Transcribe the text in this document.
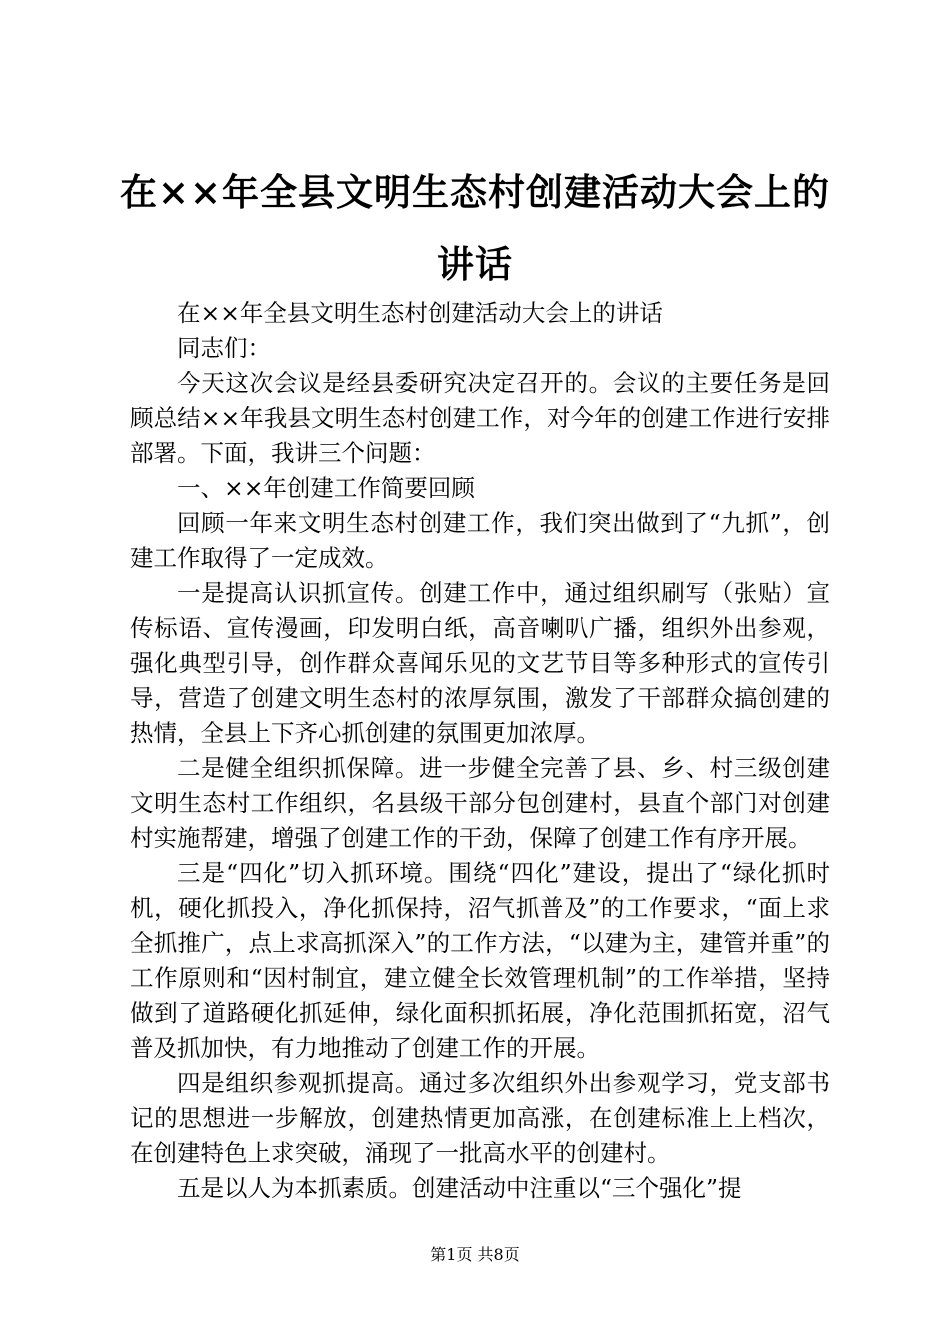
在××年全县文明生态村创建活动大会上的讲话

在××年全县文明生态村创建活动大会上的讲话

同志们：

今天这次会议是经县委研究决定召开的。会议的主要任务是回顾总结××年我县文明生态村创建工作，对今年的创建工作进行安排部署。下面，我讲三个问题：

一、××年创建工作简要回顾

回顾一年来文明生态村创建工作，我们突出做到了“九抓”，创建工作取得了一定成效。

一是提高认识抓宣传。创建工作中，通过组织刷写（张贴）宣传标语、宣传漫画，印发明白纸，高音喇叭广播，组织外出参观，强化典型引导，创作群众喜闻乐见的文艺节目等多种形式的宣传引导，营造了创建文明生态村的浓厚氛围，激发了干部群众搞创建的热情，全县上下齐心抓创建的氛围更加浓厚。

二是健全组织抓保障。进一步健全完善了县、乡、村三级创建文明生态村工作组织，名县级干部分包创建村，县直个部门对创建村实施帮建，增强了创建工作的干劲，保障了创建工作有序开展。

三是“四化”切入抓环境。围绕“四化”建设，提出了“绿化抓时机，硬化抓投入，净化抓保持，沼气抓普及”的工作要求，“面上求全抓推广，点上求高抓深入”的工作方法，“以建为主，建管并重”的工作原则和“因村制宜，建立健全长效管理机制”的工作举措，坚持做到了道路硬化抓延伸，绿化面积抓拓展，净化范围抓拓宽，沼气普及抓加快，有力地推动了创建工作的开展。

四是组织参观抓提高。通过多次组织外出参观学习，党支部书记的思想进一步解放，创建热情更加高涨，在创建标准上上档次，在创建特色上求突破，涌现了一批高水平的创建村。

五是以人为本抓素质。创建活动中注重以“三个强化”提

第1页 共8页
